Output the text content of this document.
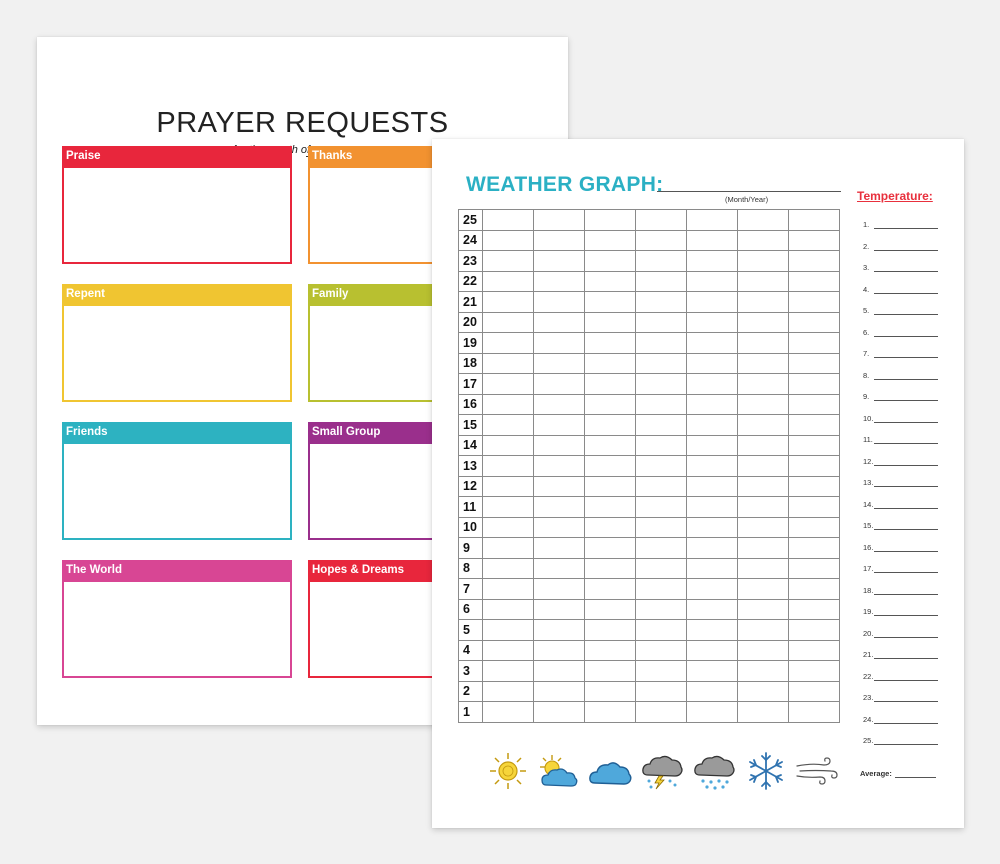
PRAYER REQUESTS
of:
Praise	Thanks
Repent	Family
Friends	Small Group
The World	Hopes & Dreams
WEATHER GRAPH:
(Month/Year)	Temperature:
25							
24							
23							
22							
21							
20							
19							
18							
17							
16							
15							
14							
13							
12							
11							
10							
9							
8							
7							
6							
5							
4							
3							
2							
1							
1.
2.
3.
4.
5.
6.
7.
8.
9.
10.
11.
12.
13.
14.
15.
16.
17.
18.
19.
20.
21.
22.
23.
24.
25.
Average:
